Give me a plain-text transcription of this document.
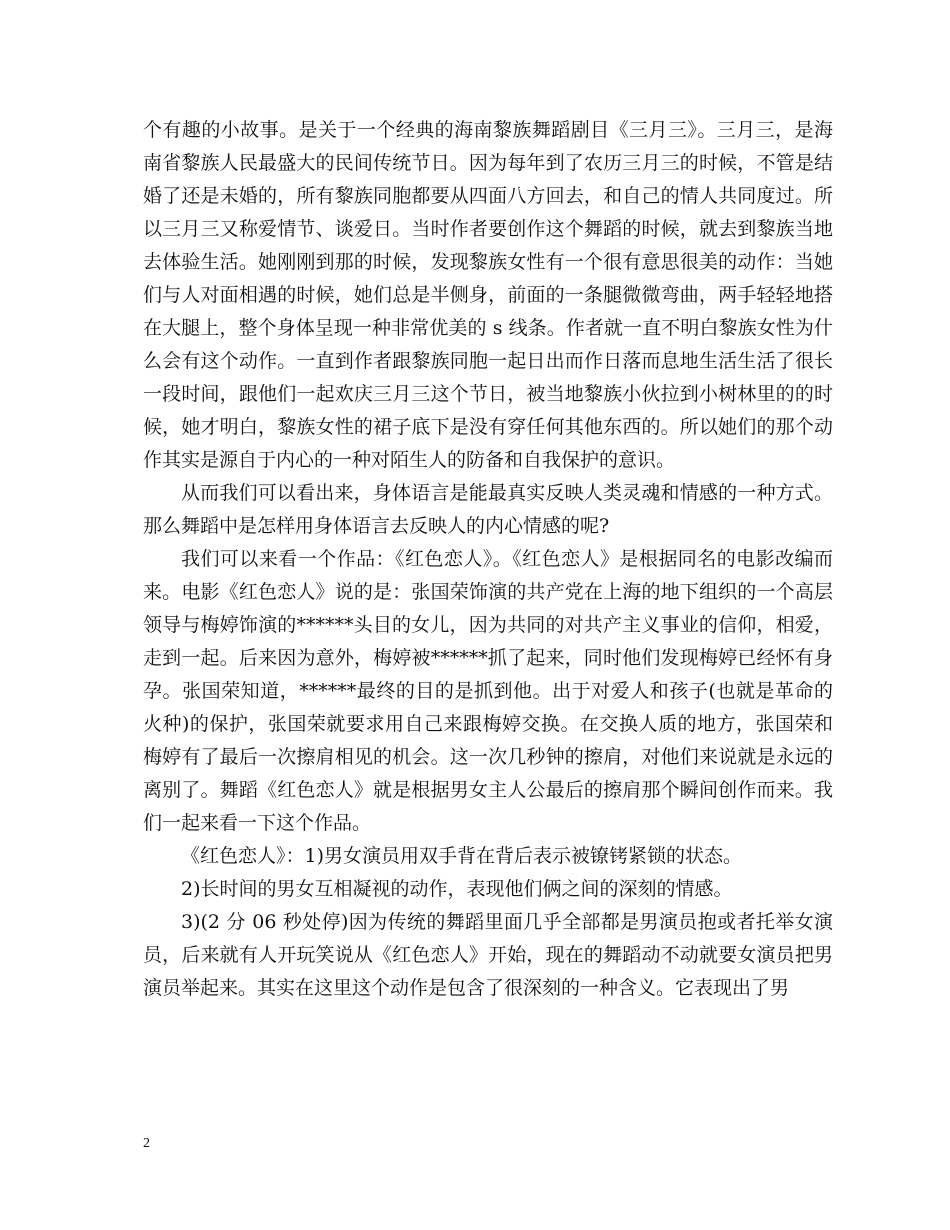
个有趣的小故事。是关于一个经典的海南黎族舞蹈剧目《三月三》。三月三，是海南省黎族人民最盛大的民间传统节日。因为每年到了农历三月三的时候，不管是结婚了还是未婚的，所有黎族同胞都要从四面八方回去，和自己的情人共同度过。所以三月三又称爱情节、谈爱日。当时作者要创作这个舞蹈的时候，就去到黎族当地去体验生活。她刚刚到那的时候，发现黎族女性有一个很有意思很美的动作：当她们与人对面相遇的时候，她们总是半侧身，前面的一条腿微微弯曲，两手轻轻地搭在大腿上，整个身体呈现一种非常优美的 s 线条。作者就一直不明白黎族女性为什么会有这个动作。一直到作者跟黎族同胞一起日出而作日落而息地生活生活了很长一段时间，跟他们一起欢庆三月三这个节日，被当地黎族小伙拉到小树林里的的时候，她才明白，黎族女性的裙子底下是没有穿任何其他东西的。所以她们的那个动作其实是源自于内心的一种对陌生人的防备和自我保护的意识。

从而我们可以看出来，身体语言是能最真实反映人类灵魂和情感的一种方式。那么舞蹈中是怎样用身体语言去反映人的内心情感的呢?

我们可以来看一个作品：《红色恋人》。《红色恋人》是根据同名的电影改编而来。电影《红色恋人》说的是：张国荣饰演的共产党在上海的地下组织的一个高层领导与梅婷饰演的******头目的女儿，因为共同的对共产主义事业的信仰，相爱，走到一起。后来因为意外，梅婷被******抓了起来，同时他们发现梅婷已经怀有身孕。张国荣知道，******最终的目的是抓到他。出于对爱人和孩子(也就是革命的火种)的保护，张国荣就要求用自己来跟梅婷交换。在交换人质的地方，张国荣和梅婷有了最后一次擦肩相见的机会。这一次几秒钟的擦肩，对他们来说就是永远的离别了。舞蹈《红色恋人》就是根据男女主人公最后的擦肩那个瞬间创作而来。我们一起来看一下这个作品。

《红色恋人》：1)男女演员用双手背在背后表示被镣铐紧锁的状态。

2)长时间的男女互相凝视的动作，表现他们俩之间的深刻的情感。

3)(2 分 06 秒处停)因为传统的舞蹈里面几乎全部都是男演员抱或者托举女演员，后来就有人开玩笑说从《红色恋人》开始，现在的舞蹈动不动就要女演员把男演员举起来。其实在这里这个动作是包含了很深刻的一种含义。它表现出了男

2
